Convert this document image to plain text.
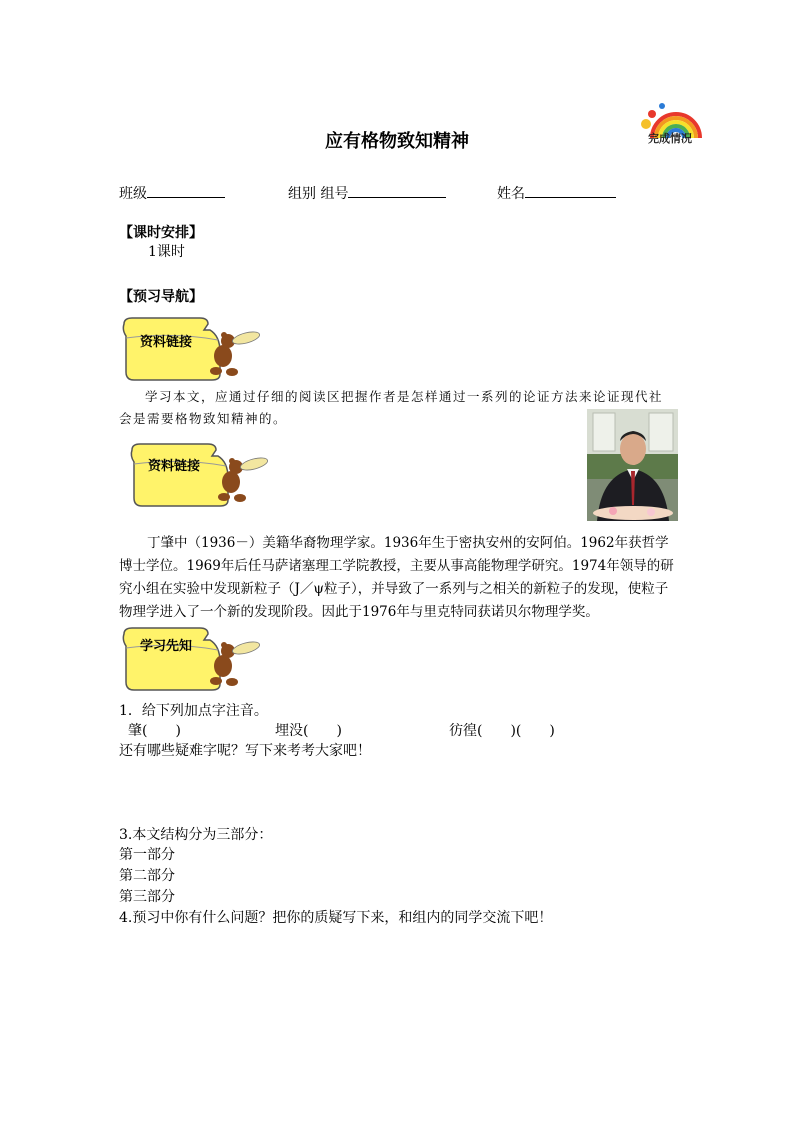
完成情况
应有格物致知精神
班级	组别 组号	姓名
【课时安排】
1课时
【预习导航】
资料链接
学习本文，应通过仔细的阅读区把握作者是怎样通过一系列的论证方法来论证现代社会是需要格物致知精神的。
资料链接
丁肇中（1936－）美籍华裔物理学家。1936年生于密执安州的安阿伯。1962年获哲学博士学位。1969年后任马萨诸塞理工学院教授，主要从事高能物理学研究。1974年领导的研究小组在实验中发现新粒子（J／ψ粒子），并导致了一系列与之相关的新粒子的发现，使粒子物理学进入了一个新的发现阶段。因此于1976年与里克特同获诺贝尔物理学奖。
学习先知
1．给下列加点字注音。
肇(　　)	埋没(　　)	彷徨(　　)(　　)
还有哪些疑难字呢？写下来考考大家吧！
3.本文结构分为三部分：
第一部分
第二部分
第三部分
4.预习中你有什么问题？把你的质疑写下来，和组内的同学交流下吧！
